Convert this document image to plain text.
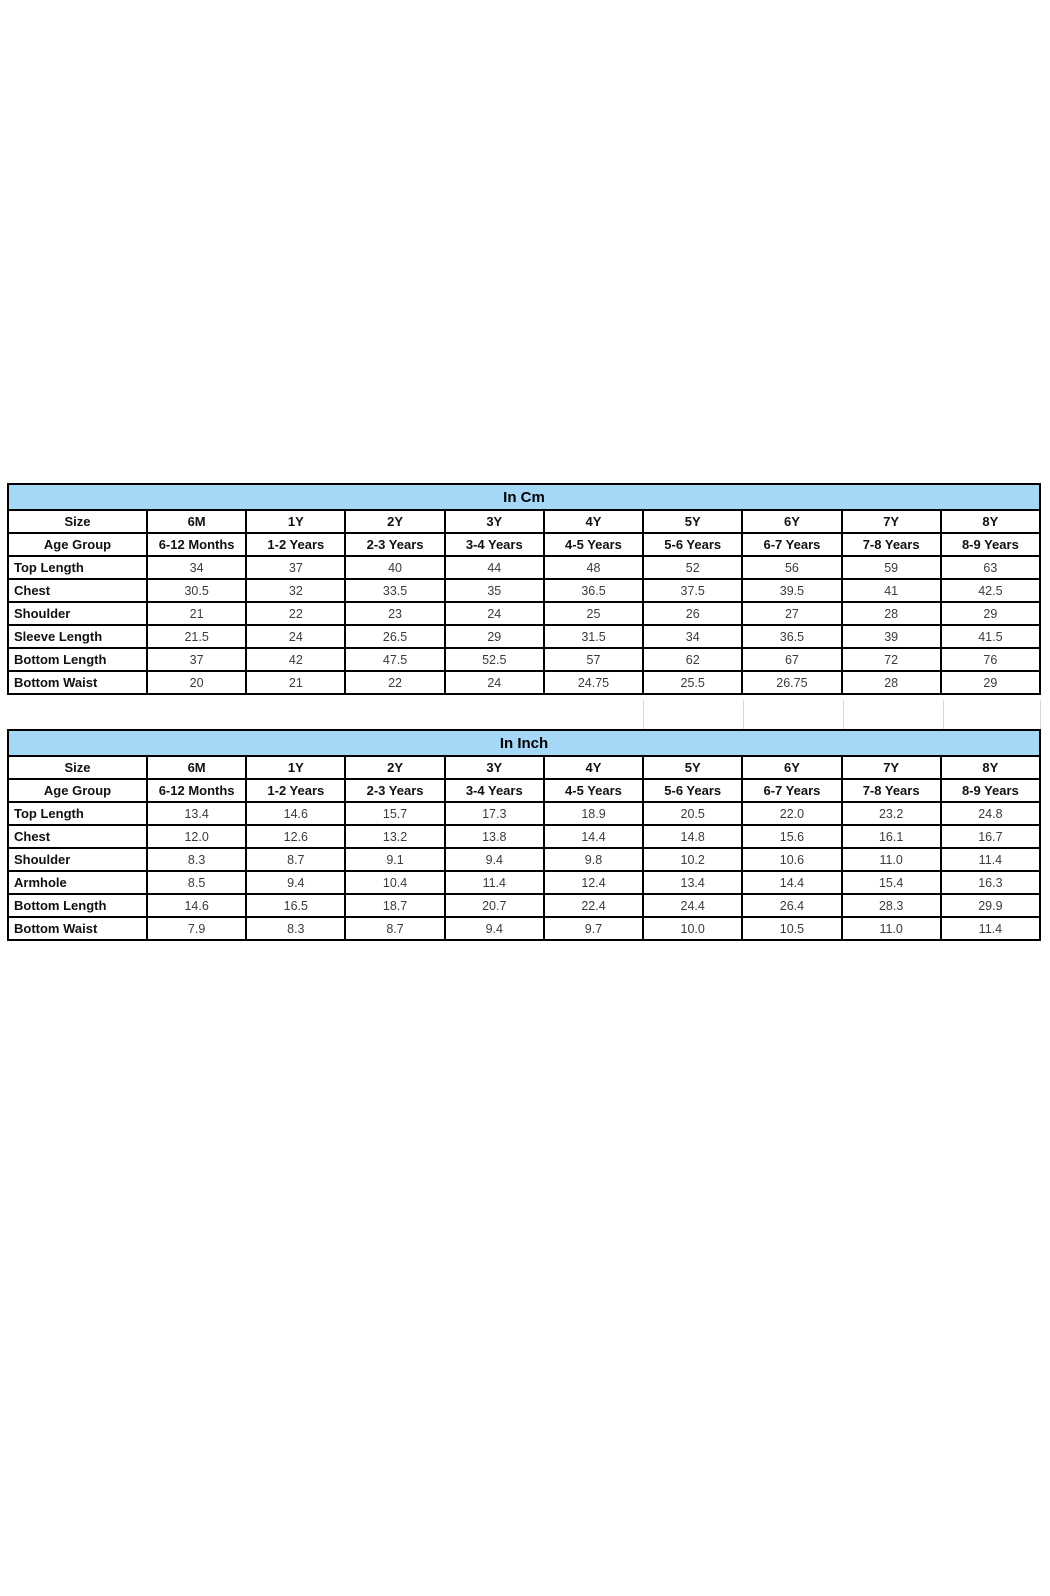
In Cm									
Size	6M	1Y	2Y	3Y	4Y	5Y	6Y	7Y	8Y
Age Group	6-12 Months	1-2 Years	2-3 Years	3-4 Years	4-5 Years	5-6 Years	6-7 Years	7-8 Years	8-9 Years
Top Length	34	37	40	44	48	52	56	59	63
Chest	30.5	32	33.5	35	36.5	37.5	39.5	41	42.5
Shoulder	21	22	23	24	25	26	27	28	29
Sleeve Length	21.5	24	26.5	29	31.5	34	36.5	39	41.5
Bottom Length	37	42	47.5	52.5	57	62	67	72	76
Bottom Waist	20	21	22	24	24.75	25.5	26.75	28	29
In Inch									
Size	6M	1Y	2Y	3Y	4Y	5Y	6Y	7Y	8Y
Age Group	6-12 Months	1-2 Years	2-3 Years	3-4 Years	4-5 Years	5-6 Years	6-7 Years	7-8 Years	8-9 Years
Top Length	13.4	14.6	15.7	17.3	18.9	20.5	22.0	23.2	24.8
Chest	12.0	12.6	13.2	13.8	14.4	14.8	15.6	16.1	16.7
Shoulder	8.3	8.7	9.1	9.4	9.8	10.2	10.6	11.0	11.4
Armhole	8.5	9.4	10.4	11.4	12.4	13.4	14.4	15.4	16.3
Bottom Length	14.6	16.5	18.7	20.7	22.4	24.4	26.4	28.3	29.9
Bottom Waist	7.9	8.3	8.7	9.4	9.7	10.0	10.5	11.0	11.4
